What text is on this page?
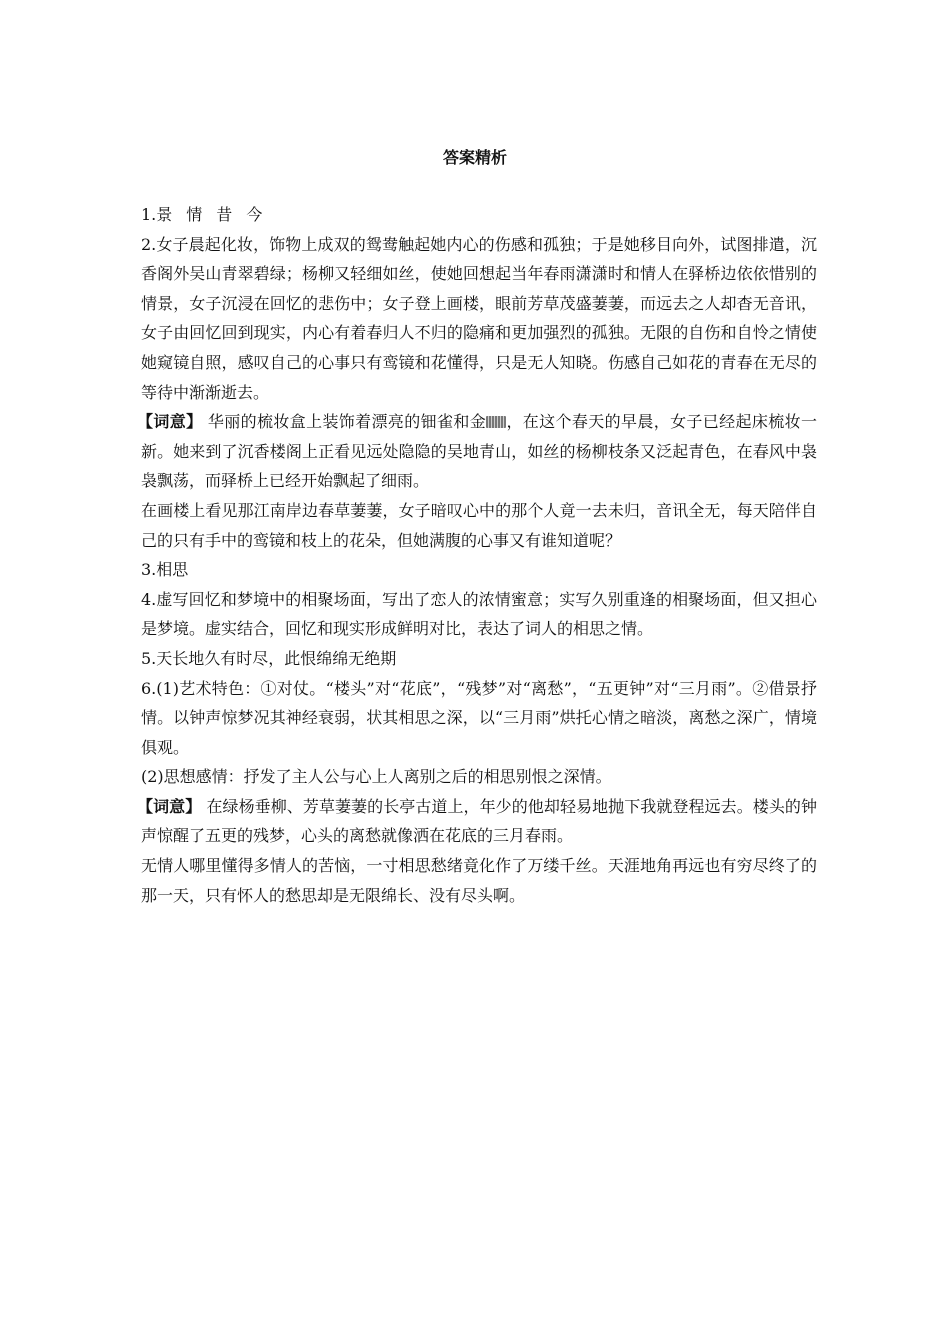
答案精析

1.景 情 昔 今

2.女子晨起化妆，饰物上成双的鸳鸯触起她内心的伤感和孤独；于是她移目向外，试图排遣，沉香阁外吴山青翠碧绿；杨柳又轻细如丝，使她回想起当年春雨潇潇时和情人在驿桥边依依惜别的情景，女子沉浸在回忆的悲伤中；女子登上画楼，眼前芳草茂盛萋萋，而远去之人却杳无音讯，女子由回忆回到现实，内心有着春归人不归的隐痛和更加强烈的孤独。无限的自伤和自怜之情使她窥镜自照，感叹自己的心事只有鸾镜和花懂得，只是无人知晓。伤感自己如花的青春在无尽的等待中渐渐逝去。

【词意】 华丽的梳妆盒上装饰着漂亮的钿雀和金 ，在这个春天的早晨，女子已经起床梳妆一新。她来到了沉香楼阁上正看见远处隐隐的吴地青山，如丝的杨柳枝条又泛起青色，在春风中袅袅飘荡，而驿桥上已经开始飘起了细雨。

在画楼上看见那江南岸边春草萋萋，女子暗叹心中的那个人竟一去未归，音讯全无，每天陪伴自己的只有手中的鸾镜和枝上的花朵，但她满腹的心事又有谁知道呢？

3.相思

4.虚写回忆和梦境中的相聚场面，写出了恋人的浓情蜜意；实写久别重逢的相聚场面，但又担心是梦境。虚实结合，回忆和现实形成鲜明对比，表达了词人的相思之情。

5.天长地久有时尽，此恨绵绵无绝期

6.(1)艺术特色：①对仗。“楼头”对“花底”，“残梦”对“离愁”，“五更钟”对“三月雨”。②借景抒情。以钟声惊梦况其神经衰弱，状其相思之深，以“三月雨”烘托心情之暗淡，离愁之深广，情境俱观。

(2)思想感情：抒发了主人公与心上人离别之后的相思别恨之深情。

【词意】 在绿杨垂柳、芳草萋萋的长亭古道上，年少的他却轻易地抛下我就登程远去。楼头的钟声惊醒了五更的残梦，心头的离愁就像洒在花底的三月春雨。

无情人哪里懂得多情人的苦恼，一寸相思愁绪竟化作了万缕千丝。天涯地角再远也有穷尽终了的那一天，只有怀人的愁思却是无限绵长、没有尽头啊。
